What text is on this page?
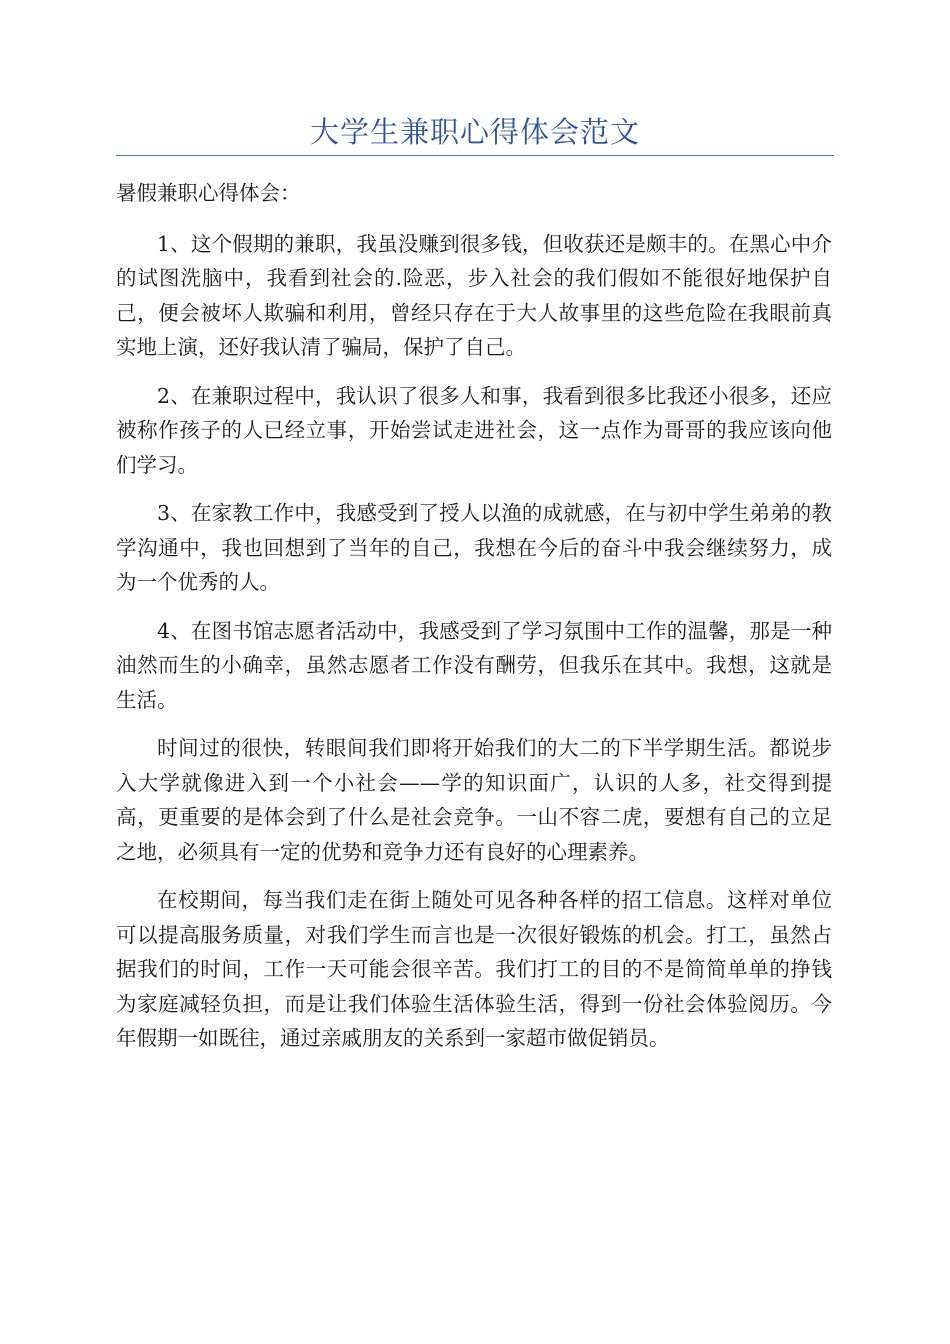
大学生兼职心得体会范文

暑假兼职心得体会：

1、这个假期的兼职，我虽没赚到很多钱，但收获还是颇丰的。在黑心中介的试图洗脑中，我看到社会的.险恶，步入社会的我们假如不能很好地保护自己，便会被坏人欺骗和利用，曾经只存在于大人故事里的这些危险在我眼前真实地上演，还好我认清了骗局，保护了自己。

2、在兼职过程中，我认识了很多人和事，我看到很多比我还小很多，还应被称作孩子的人已经立事，开始尝试走进社会，这一点作为哥哥的我应该向他们学习。

3、在家教工作中，我感受到了授人以渔的成就感，在与初中学生弟弟的教学沟通中，我也回想到了当年的自己，我想在今后的奋斗中我会继续努力，成为一个优秀的人。

4、在图书馆志愿者活动中，我感受到了学习氛围中工作的温馨，那是一种油然而生的小确幸，虽然志愿者工作没有酬劳，但我乐在其中。我想，这就是生活。

时间过的很快，转眼间我们即将开始我们的大二的下半学期生活。都说步入大学就像进入到一个小社会——学的知识面广，认识的人多，社交得到提高，更重要的是体会到了什么是社会竞争。一山不容二虎，要想有自己的立足之地，必须具有一定的优势和竞争力还有良好的心理素养。

在校期间，每当我们走在街上随处可见各种各样的招工信息。这样对单位可以提高服务质量，对我们学生而言也是一次很好锻炼的机会。打工，虽然占据我们的时间，工作一天可能会很辛苦。我们打工的目的不是简简单单的挣钱为家庭减轻负担，而是让我们体验生活体验生活，得到一份社会体验阅历。今年假期一如既往，通过亲戚朋友的关系到一家超市做促销员。
